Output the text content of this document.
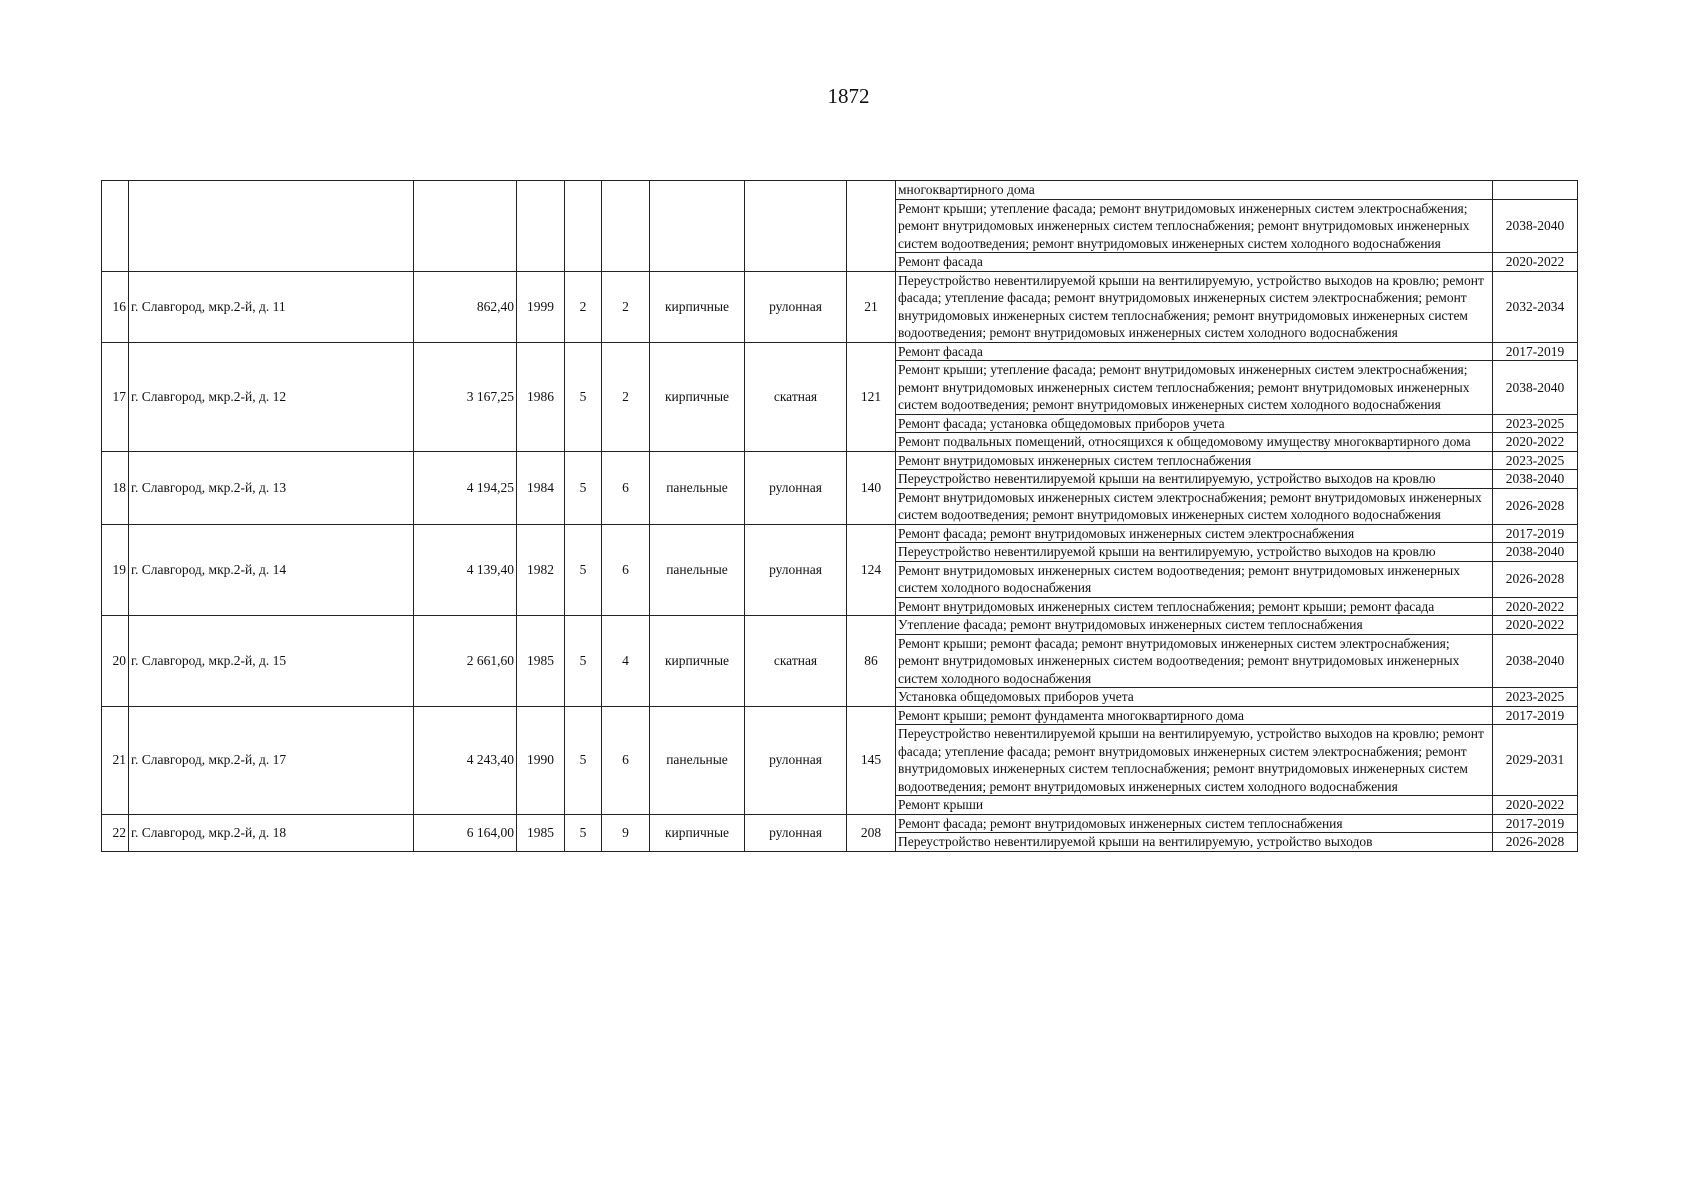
1872
									многоквартирного дома	
									Ремонт крыши; утепление фасада; ремонт внутридомовых инженерных систем электроснабжения; ремонт внутридомовых инженерных систем теплоснабжения; ремонт внутридомовых инженерных систем водоотведения; ремонт внутридомовых инженерных систем холодного водоснабжения	2038-2040
									Ремонт фасада	2020-2022
16	г. Славгород, мкр.2-й, д. 11	862,40	1999	2	2	кирпичные	рулонная	21	Переустройство невентилируемой крыши на вентилируемую, устройство выходов на кровлю; ремонт фасада; утепление фасада; ремонт внутридомовых инженерных систем электроснабжения; ремонт внутридомовых инженерных систем теплоснабжения; ремонт внутридомовых инженерных систем водоотведения; ремонт внутридомовых инженерных систем холодного водоснабжения	2032-2034
17	г. Славгород, мкр.2-й, д. 12	3 167,25	1986	5	2	кирпичные	скатная	121	Ремонт фасада	2017-2019
									Ремонт крыши; утепление фасада; ремонт внутридомовых инженерных систем электроснабжения; ремонт внутридомовых инженерных систем теплоснабжения; ремонт внутридомовых инженерных систем водоотведения; ремонт внутридомовых инженерных систем холодного водоснабжения	2038-2040
									Ремонт фасада; установка общедомовых приборов учета	2023-2025
									Ремонт подвальных помещений, относящихся к общедомовому имуществу многоквартирного дома	2020-2022
18	г. Славгород, мкр.2-й, д. 13	4 194,25	1984	5	6	панельные	рулонная	140	Ремонт внутридомовых инженерных систем теплоснабжения	2023-2025
									Переустройство невентилируемой крыши на вентилируемую, устройство выходов на кровлю	2038-2040
									Ремонт внутридомовых инженерных систем электроснабжения; ремонт внутридомовых инженерных систем водоотведения; ремонт внутридомовых инженерных систем холодного водоснабжения	2026-2028
19	г. Славгород, мкр.2-й, д. 14	4 139,40	1982	5	6	панельные	рулонная	124	Ремонт фасада; ремонт внутридомовых инженерных систем электроснабжения	2017-2019
									Переустройство невентилируемой крыши на вентилируемую, устройство выходов на кровлю	2038-2040
									Ремонт внутридомовых инженерных систем водоотведения; ремонт внутридомовых инженерных систем холодного водоснабжения	2026-2028
									Ремонт внутридомовых инженерных систем теплоснабжения; ремонт крыши; ремонт фасада	2020-2022
20	г. Славгород, мкр.2-й, д. 15	2 661,60	1985	5	4	кирпичные	скатная	86	Утепление фасада; ремонт внутридомовых инженерных систем теплоснабжения	2020-2022
									Ремонт крыши; ремонт фасада; ремонт внутридомовых инженерных систем электроснабжения; ремонт внутридомовых инженерных систем водоотведения; ремонт внутридомовых инженерных систем холодного водоснабжения	2038-2040
									Установка общедомовых приборов учета	2023-2025
21	г. Славгород, мкр.2-й, д. 17	4 243,40	1990	5	6	панельные	рулонная	145	Ремонт крыши; ремонт фундамента многоквартирного дома	2017-2019
									Переустройство невентилируемой крыши на вентилируемую, устройство выходов на кровлю; ремонт фасада; утепление фасада; ремонт внутридомовых инженерных систем электроснабжения; ремонт внутридомовых инженерных систем теплоснабжения; ремонт внутридомовых инженерных систем водоотведения; ремонт внутридомовых инженерных систем холодного водоснабжения	2029-2031
									Ремонт крыши	2020-2022
22	г. Славгород, мкр.2-й, д. 18	6 164,00	1985	5	9	кирпичные	рулонная	208	Ремонт фасада; ремонт внутридомовых инженерных систем теплоснабжения	2017-2019
									Переустройство невентилируемой крыши на вентилируемую, устройство выходов	2026-2028
